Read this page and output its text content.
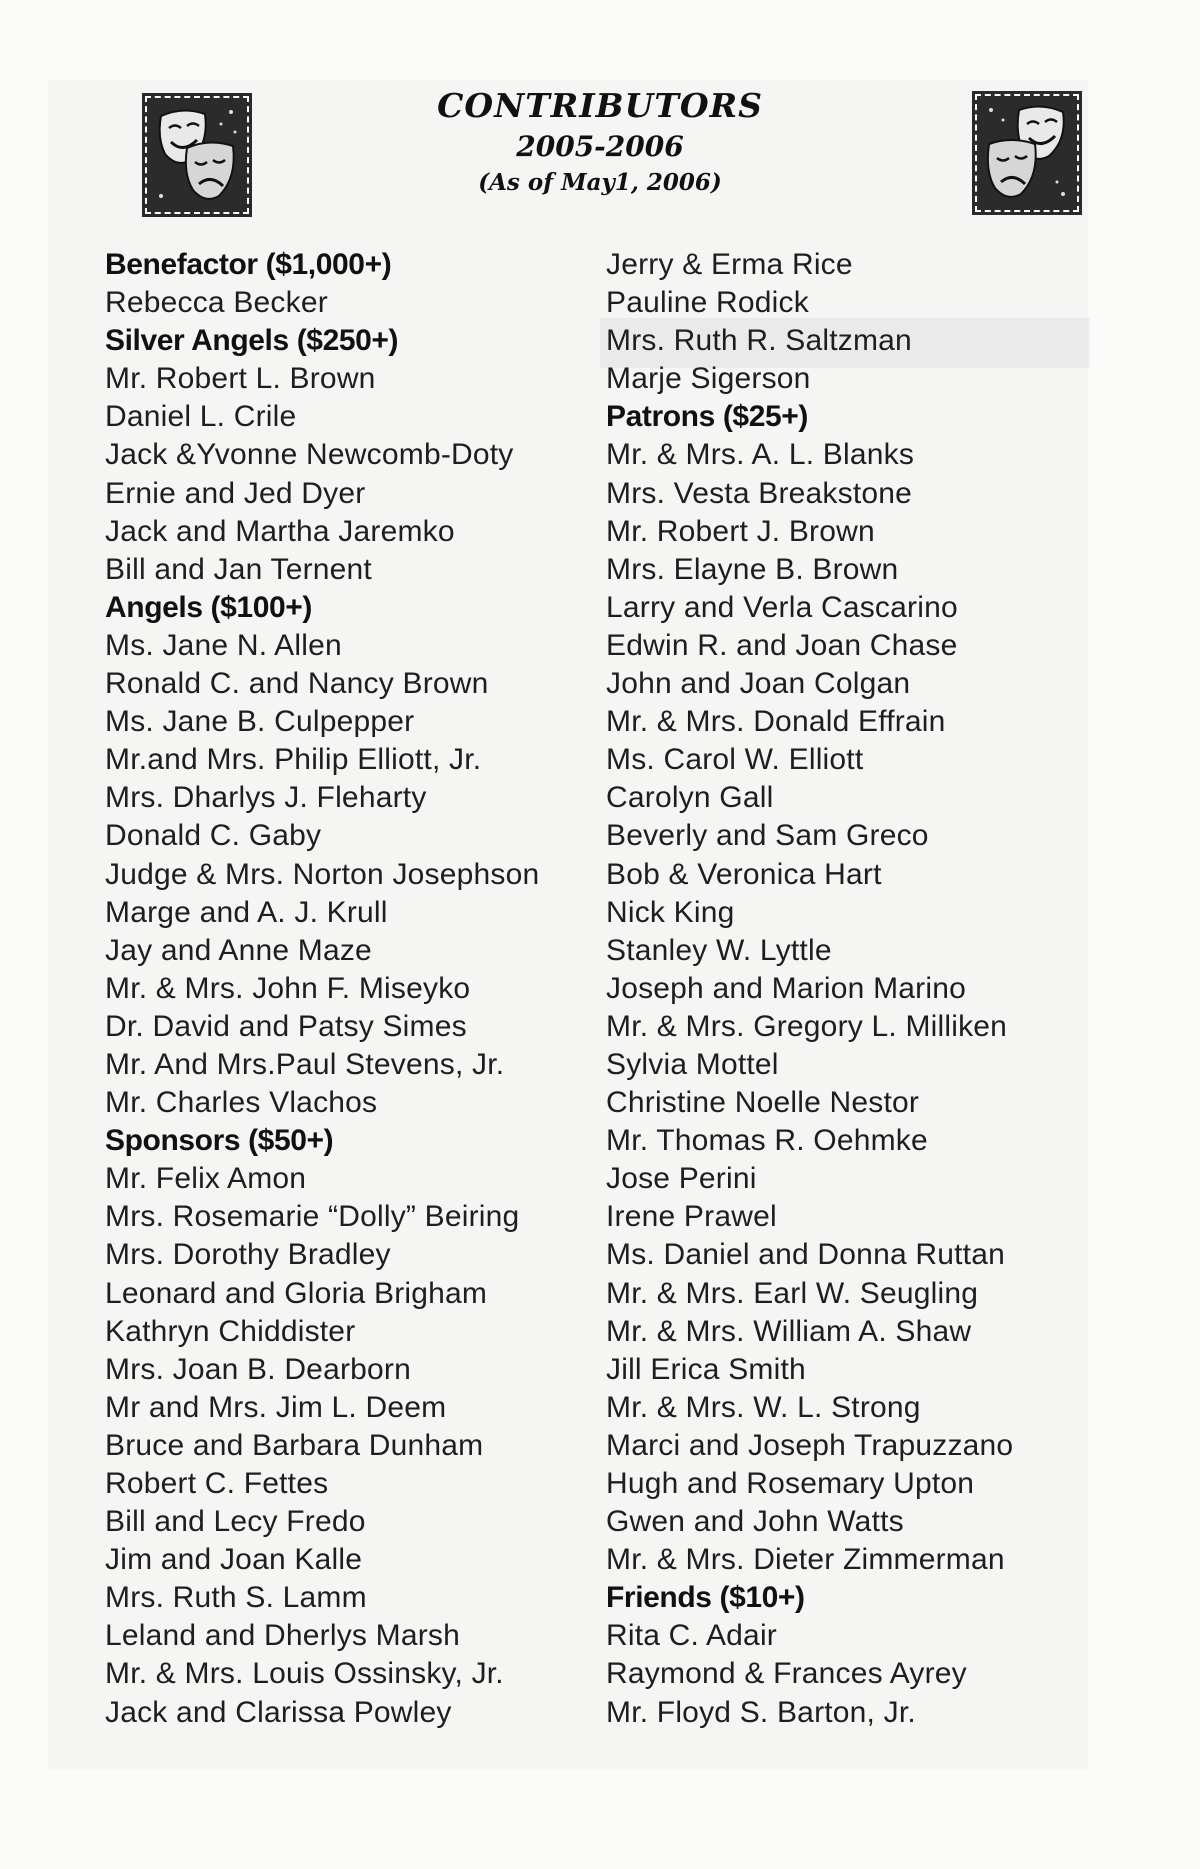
CONTRIBUTORS
2005-2006
(As of May1, 2006)
Benefactor ($1,000+)
Rebecca Becker
Silver Angels ($250+)
Mr. Robert L. Brown
Daniel L. Crile
Jack &Yvonne Newcomb-Doty
Ernie and Jed Dyer
Jack and Martha Jaremko
Bill and Jan Ternent
Angels ($100+)
Ms. Jane N. Allen
Ronald C. and Nancy Brown
Ms. Jane B. Culpepper
Mr.and Mrs. Philip Elliott, Jr.
Mrs. Dharlys J. Fleharty
Donald C. Gaby
Judge & Mrs. Norton Josephson
Marge and A. J. Krull
Jay and Anne Maze
Mr. & Mrs. John F. Miseyko
Dr. David and Patsy Simes
Mr. And Mrs.Paul Stevens, Jr.
Mr. Charles Vlachos
Sponsors ($50+)
Mr. Felix Amon
Mrs. Rosemarie “Dolly” Beiring
Mrs. Dorothy Bradley
Leonard and Gloria Brigham
Kathryn Chiddister
Mrs. Joan B. Dearborn
Mr and Mrs. Jim L. Deem
Bruce and Barbara Dunham
Robert C. Fettes
Bill and Lecy Fredo
Jim and Joan Kalle
Mrs. Ruth S. Lamm
Leland and Dherlys Marsh
Mr. & Mrs. Louis Ossinsky, Jr.
Jack and Clarissa Powley
Jerry & Erma Rice
Pauline Rodick
Mrs. Ruth R. Saltzman
Marje Sigerson
Patrons ($25+)
Mr. & Mrs. A. L. Blanks
Mrs. Vesta Breakstone
Mr. Robert J. Brown
Mrs. Elayne B. Brown
Larry and Verla Cascarino
Edwin R. and Joan Chase
John and Joan Colgan
Mr. & Mrs. Donald Effrain
Ms. Carol W. Elliott
Carolyn Gall
Beverly and Sam Greco
Bob & Veronica Hart
Nick King
Stanley W. Lyttle
Joseph and Marion Marino
Mr. & Mrs. Gregory L. Milliken
Sylvia Mottel
Christine Noelle Nestor
Mr. Thomas R. Oehmke
Jose Perini
Irene Prawel
Ms. Daniel and Donna Ruttan
Mr. & Mrs. Earl W. Seugling
Mr. & Mrs. William A. Shaw
Jill Erica Smith
Mr. & Mrs. W. L. Strong
Marci and Joseph Trapuzzano
Hugh and Rosemary Upton
Gwen and John Watts
Mr. & Mrs. Dieter Zimmerman
Friends ($10+)
Rita C. Adair
Raymond & Frances Ayrey
Mr. Floyd S. Barton, Jr.
